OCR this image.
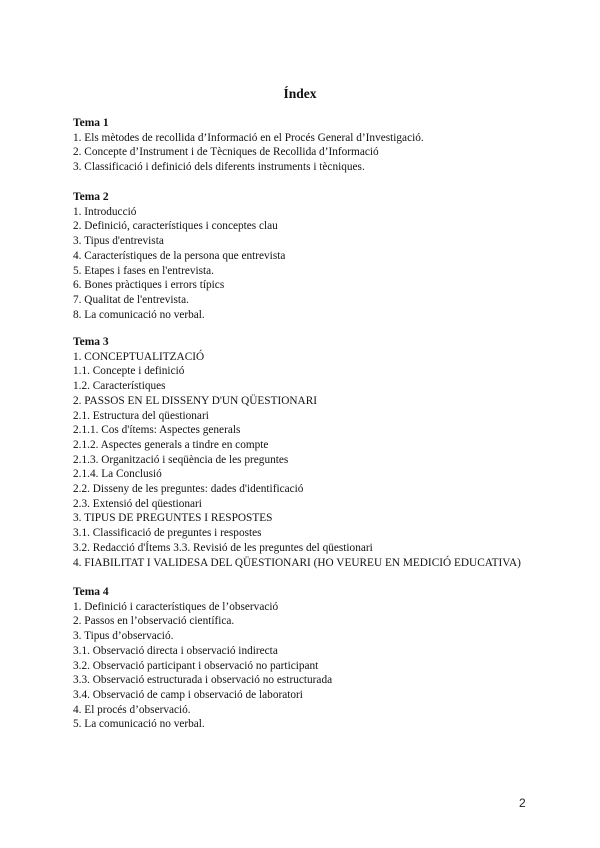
Índex
Tema 1
1. Els mètodes de recollida d’Informació en el Procés General d’Investigació.
2. Concepte d’Instrument i de Tècniques de Recollida d’Informació
3. Classificació i definició dels diferents instruments i tècniques.
Tema 2
1. Introducció
2. Definició, característiques i conceptes clau
3. Tipus d'entrevista
4. Característiques de la persona que entrevista
5. Etapes i fases en l'entrevista.
6. Bones pràctiques i errors típics
7. Qualitat de l'entrevista.
8. La comunicació no verbal.
Tema 3
1. CONCEPTUALITZACIÓ
1.1. Concepte i definició
1.2. Característiques
2. PASSOS EN EL DISSENY D'UN QÜESTIONARI
2.1. Estructura del qüestionari
2.1.1. Cos d'ítems: Aspectes generals
2.1.2. Aspectes generals a tindre en compte
2.1.3. Organització i seqüència de les preguntes
2.1.4. La Conclusió
2.2. Disseny de les preguntes: dades d'identificació
2.3. Extensió del qüestionari
3. TIPUS DE PREGUNTES I RESPOSTES
3.1. Classificació de preguntes i respostes
3.2. Redacció d'Ítems 3.3. Revisió de les preguntes del qüestionari
4. FIABILITAT I VALIDESA DEL QÜESTIONARI (HO VEUREU EN MEDICIÓ EDUCATIVA)
Tema 4
1. Definició i característiques de l’observació
2. Passos en l’observació científica.
3. Tipus d’observació.
3.1. Observació directa i observació indirecta
3.2. Observació participant i observació no participant
3.3. Observació estructurada i observació no estructurada
3.4. Observació de camp i observació de laboratori
4. El procés d’observació.
5. La comunicació no verbal.
2
